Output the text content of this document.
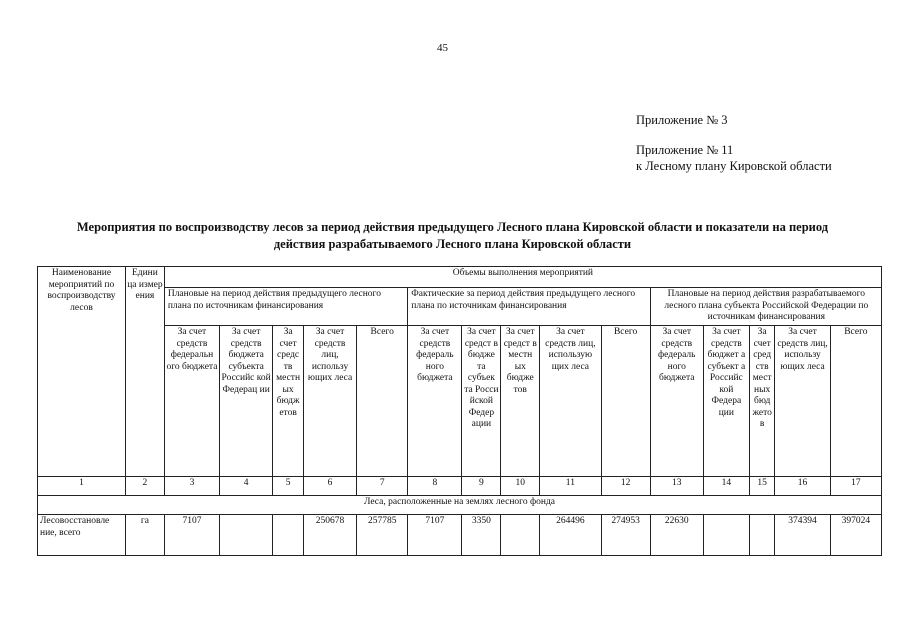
45
Приложение № 3
Приложение № 11
к Лесному плану Кировской области
Мероприятия по воспроизводству лесов за период действия предыдущего Лесного плана Кировской области и показатели на период
действия разрабатываемого Лесного плана Кировской области
Наименование мероприятий по воспроизводству лесов	Едини ца измер ения	Объемы выполнения мероприятий														
		Плановые на период действия предыдущего лесного плана по источникам финансирования					Фактические за период действия предыдущего лесного плана по источникам финансирования					Плановые на период действия разрабатываемого лесного плана субъекта Российской Федерации по источникам финансирования				
		За счет средств федеральн ого бюджета	За счет средств бюджета субъекта Российс кой Федерац ии	За счет средс тв местн ых бюдж етов	За счет средств лиц, использу ющих леса	Всего	За счет средств федераль ного бюджета	За счет средст в бюдже та субъек та Росси йской Федер ации	За счет средст в местн ых бюдже тов	За счет средств лиц, использую щих леса	Всего	За счет средств федераль ного бюджета	За счет средств бюджет а субъект а Российс кой Федера ции	За счет сред ств мест ных бюд жето в	За счет средств лиц, использу ющих леса	Всего
1	2	3	4	5	6	7	8	9	10	11	12	13	14	15	16	17
Леса, расположенные на землях лесного фонда																
Лесовосстановле ние, всего	га	7107			250678	257785	7107	3350		264496	274953	22630			374394	397024
